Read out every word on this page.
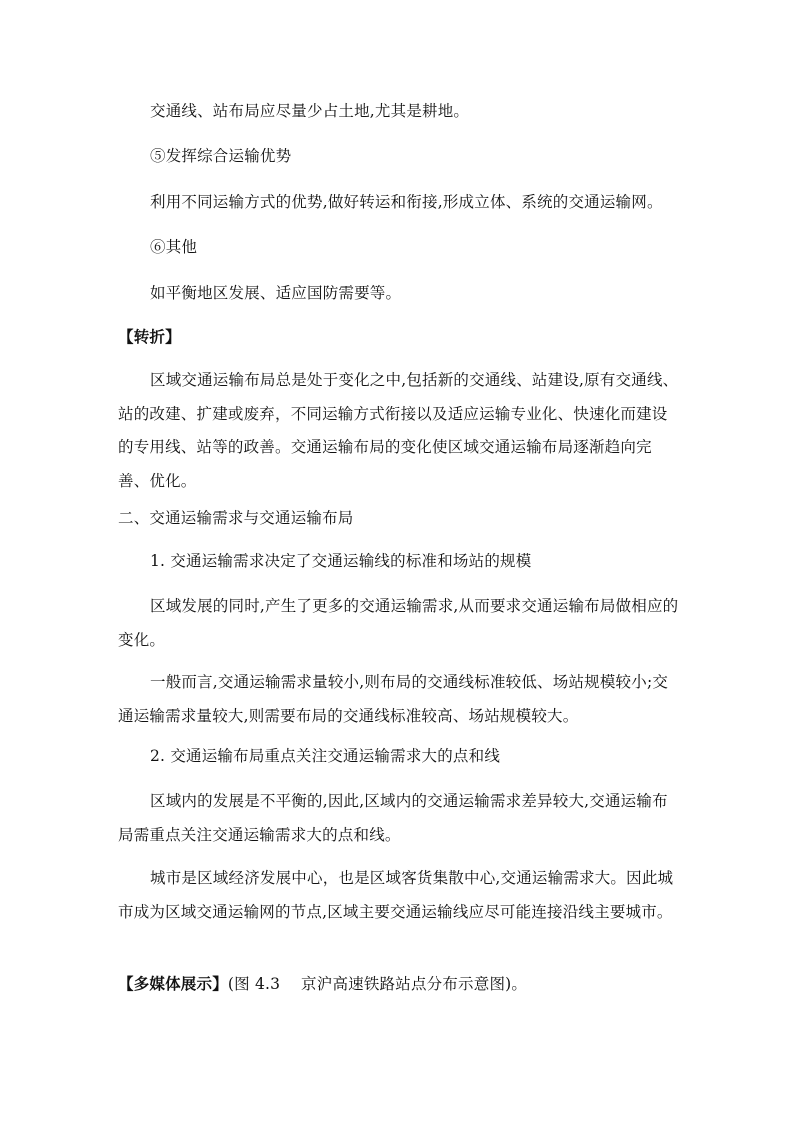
交通线、站布局应尽量少占土地,尤其是耕地。
⑤发挥综合运输优势
利用不同运输方式的优势,做好转运和衔接,形成立体、系统的交通运输网。
⑥其他
如平衡地区发展、适应国防需要等。
【转折】

区域交通运输布局总是处于变化之中,包括新的交通线、站建设,原有交通线、站的改建、扩建或废弃，不同运输方式衔接以及适应运输专业化、快速化而建设的专用线、站等的政善。交通运输布局的变化使区域交通运输布局逐渐趋向完善、优化。

二、交通运输需求与交通运输布局
1. 交通运输需求决定了交通运输线的标准和场站的规模

区域发展的同时,产生了更多的交通运输需求,从而要求交通运输布局做相应的变化。

一般而言,交通运输需求量较小,则布局的交通线标准较低、场站规模较小;交通运输需求量较大,则需要布局的交通线标准较高、场站规模较大。

2. 交通运输布局重点关注交通运输需求大的点和线

区域内的发展是不平衡的,因此,区域内的交通运输需求差异较大,交通运输布局需重点关注交通运输需求大的点和线。

城市是区域经济发展中心，也是区域客货集散中心,交通运输需求大。因此城市成为区域交通运输网的节点,区域主要交通运输线应尽可能连接沿线主要城市。

【多媒体展示】(图 4.3　 京沪高速铁路站点分布示意图)。
